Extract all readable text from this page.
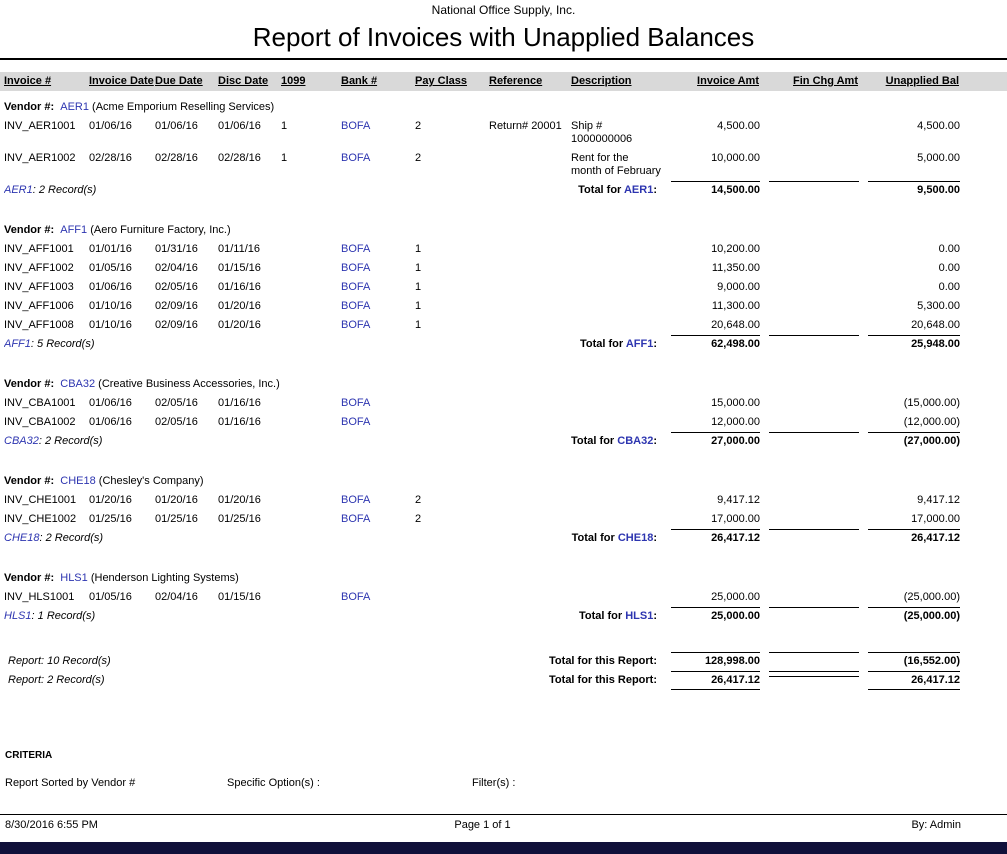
National Office Supply, Inc.
Report of Invoices with Unapplied Balances
Invoice #	Invoice Date	Due Date	Disc Date	1099	Bank #	Pay Class	Reference	Description	Invoice Amt	Fin Chg Amt	Unapplied Bal

Vendor #:  AER1 (Acme Emporium Reselling Services)											
INV_AER1001	01/06/16	01/06/16	01/06/16	1	BOFA	2	Return# 20001	Ship # 1000000006	4,500.00		4,500.00
INV_AER1002	02/28/16	02/28/16	02/28/16	1	BOFA	2		Rent for the month of February	10,000.00		5,000.00
AER1: 2 Record(s)					Total for AER1:				14,500.00		9,500.00

Vendor #:  AFF1 (Aero Furniture Factory, Inc.)											
INV_AFF1001	01/01/16	01/31/16	01/11/16		BOFA	1			10,200.00		0.00
INV_AFF1002	01/05/16	02/04/16	01/15/16		BOFA	1			11,350.00		0.00
INV_AFF1003	01/06/16	02/05/16	01/16/16		BOFA	1			9,000.00		0.00
INV_AFF1006	01/10/16	02/09/16	01/20/16		BOFA	1			11,300.00		5,300.00
INV_AFF1008	01/10/16	02/09/16	01/20/16		BOFA	1			20,648.00		20,648.00
AFF1: 5 Record(s)					Total for AFF1:				62,498.00		25,948.00

Vendor #:  CBA32 (Creative Business Accessories, Inc.)											
INV_CBA1001	01/06/16	02/05/16	01/16/16		BOFA				15,000.00		(15,000.00)
INV_CBA1002	01/06/16	02/05/16	01/16/16		BOFA				12,000.00		(12,000.00)
CBA32: 2 Record(s)					Total for CBA32:				27,000.00		(27,000.00)

Vendor #:  CHE18 (Chesley's Company)											
INV_CHE1001	01/20/16	01/20/16	01/20/16		BOFA	2			9,417.12		9,417.12
INV_CHE1002	01/25/16	01/25/16	01/25/16		BOFA	2			17,000.00		17,000.00
CHE18: 2 Record(s)					Total for CHE18:				26,417.12		26,417.12

Vendor #:  HLS1 (Henderson Lighting Systems)											
INV_HLS1001	01/05/16	02/04/16	01/15/16		BOFA				25,000.00		(25,000.00)
HLS1: 1 Record(s)					Total for HLS1:				25,000.00		(25,000.00)

Report: 10 Record(s)					Total for this Report:				128,998.00		(16,552.00)

Report: 2 Record(s)					Total for this Report:				26,417.12		26,417.12
CRITERIA
Report Sorted by Vendor #	Specific Option(s) :	Filter(s) :
8/30/2016 6:55 PM	Page 1 of 1	By: Admin
